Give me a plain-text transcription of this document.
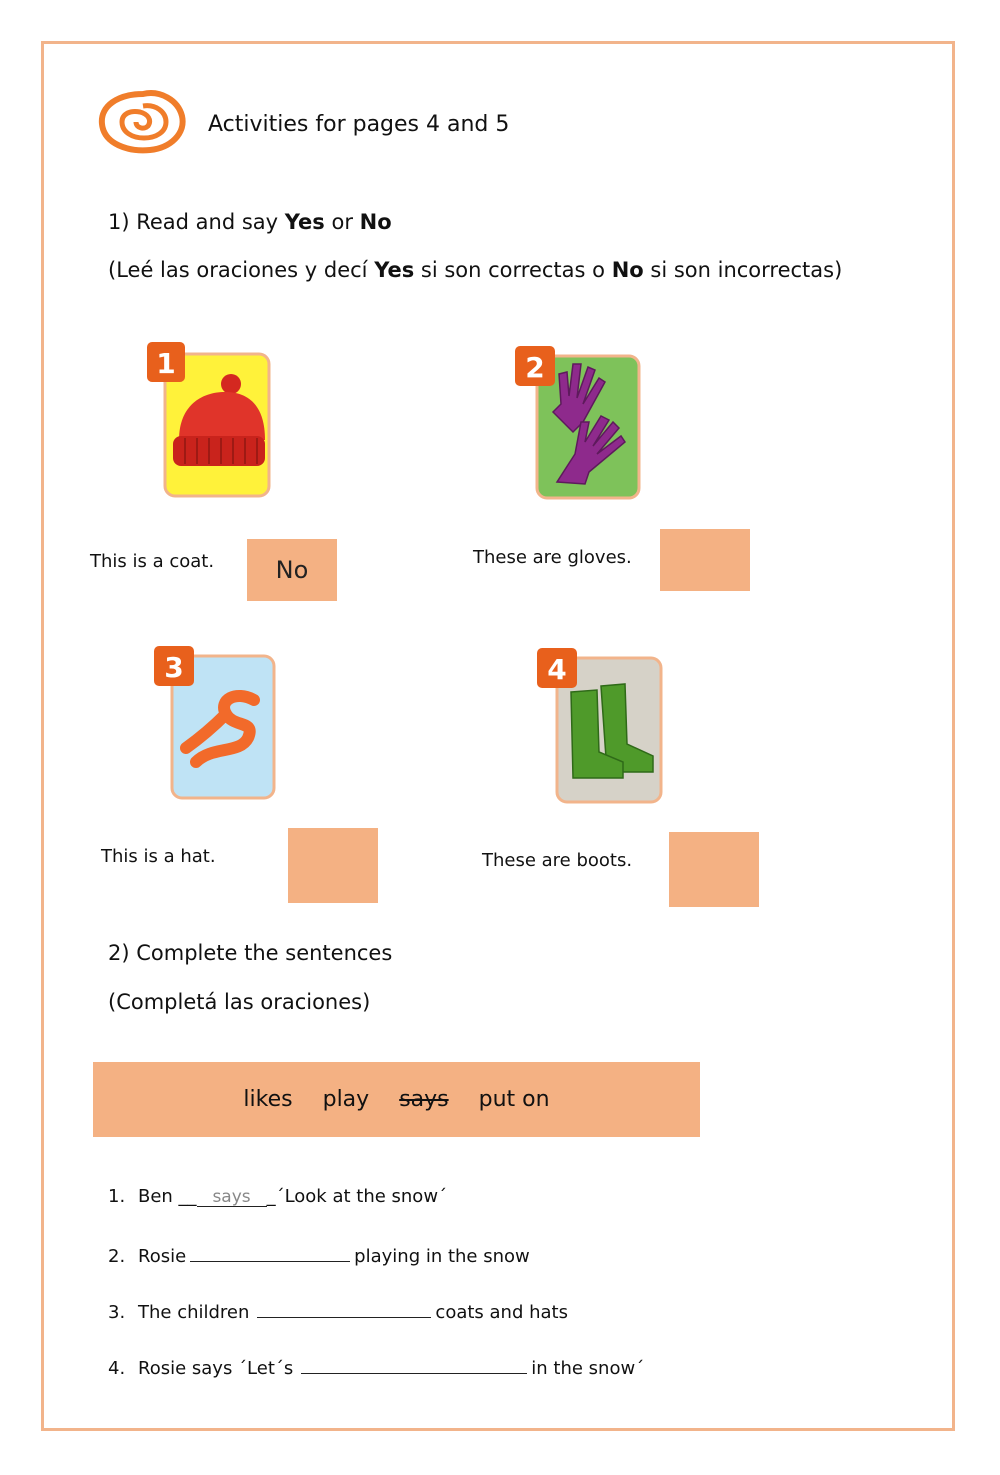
Activities for pages 4 and 5
1) Read and say Yes or No
(Leé las oraciones y decí Yes si son correctas o No si son incorrectas)
1	2
3	4
This is a coat.	No	These are gloves.
This is a hat.	These are boots.
2) Complete the sentences
(Completá las oraciones)
likes play says put on
1. Ben __ says _´Look at the snow´
2. Rosie	playing in the snow
3. The children	coats and hats
4. Rosie says ´Let´s	in the snow´
